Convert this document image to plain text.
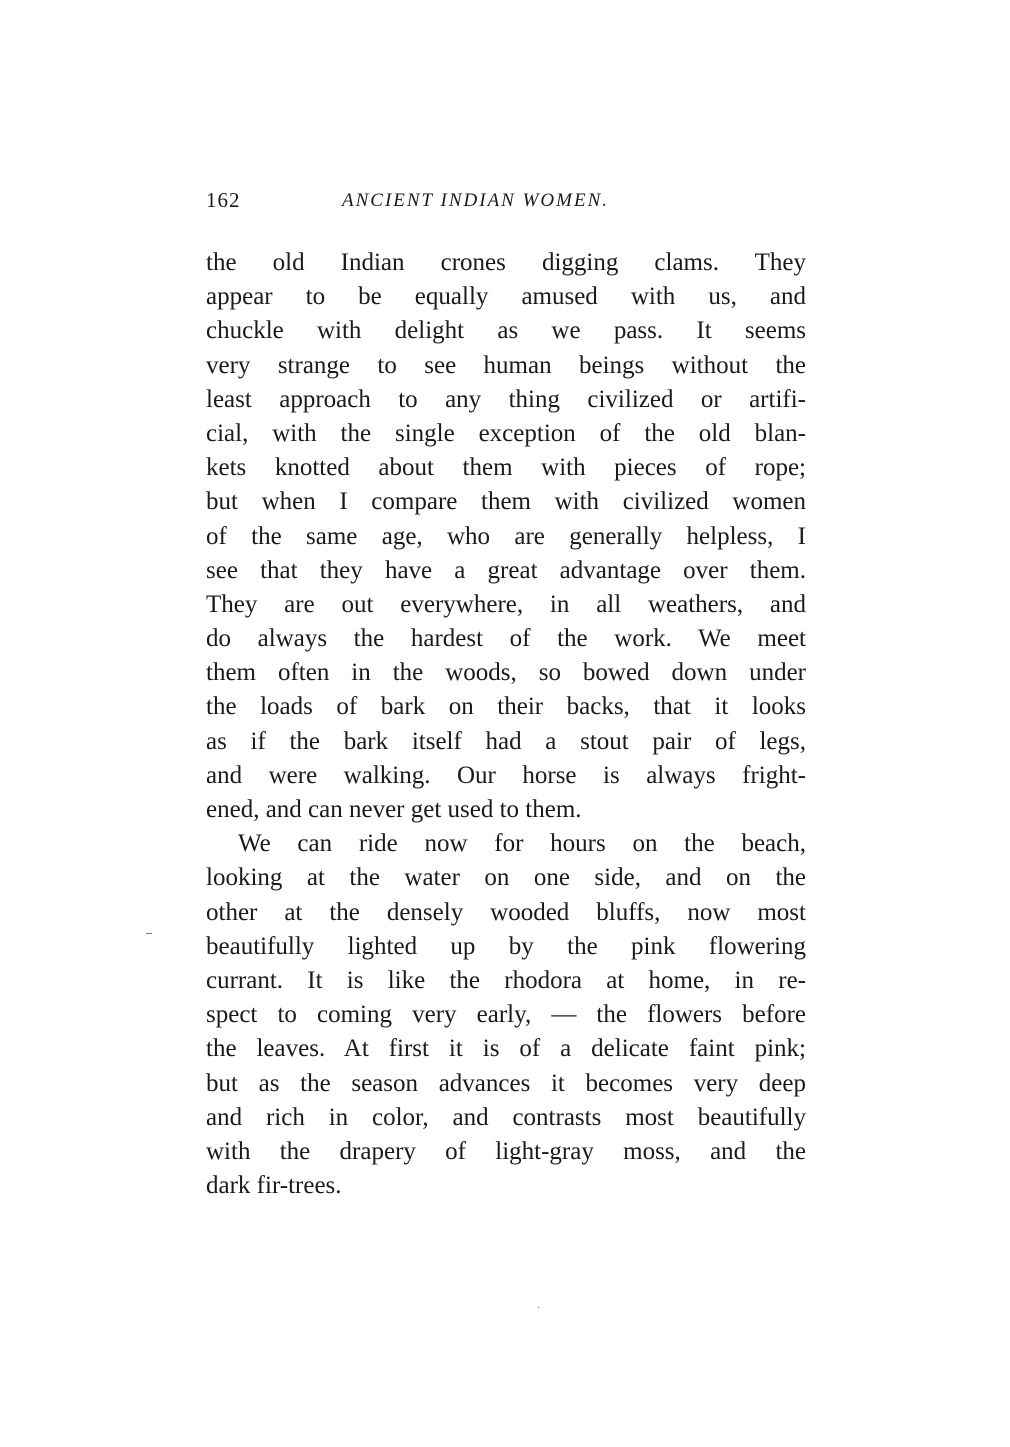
162	ANCIENT INDIAN WOMEN.
the old Indian crones digging clams. They
appear to be equally amused with us, and
chuckle with delight as we pass. It seems
very strange to see human beings without the
least approach to any thing civilized or artifi-
cial, with the single exception of the old blan-
kets knotted about them with pieces of rope;
but when I compare them with civilized women
of the same age, who are generally helpless, I
see that they have a great advantage over them.
They are out everywhere, in all weathers, and
do always the hardest of the work. We meet
them often in the woods, so bowed down under
the loads of bark on their backs, that it looks
as if the bark itself had a stout pair of legs,
and were walking. Our horse is always fright-
ened, and can never get used to them.
We can ride now for hours on the beach,
looking at the water on one side, and on the
other at the densely wooded bluffs, now most
beautifully lighted up by the pink flowering
currant. It is like the rhodora at home, in re-
spect to coming very early, — the flowers before
the leaves. At first it is of a delicate faint pink;
but as the season advances it becomes very deep
and rich in color, and contrasts most beautifully
with the drapery of light-gray moss, and the
dark fir-trees.
